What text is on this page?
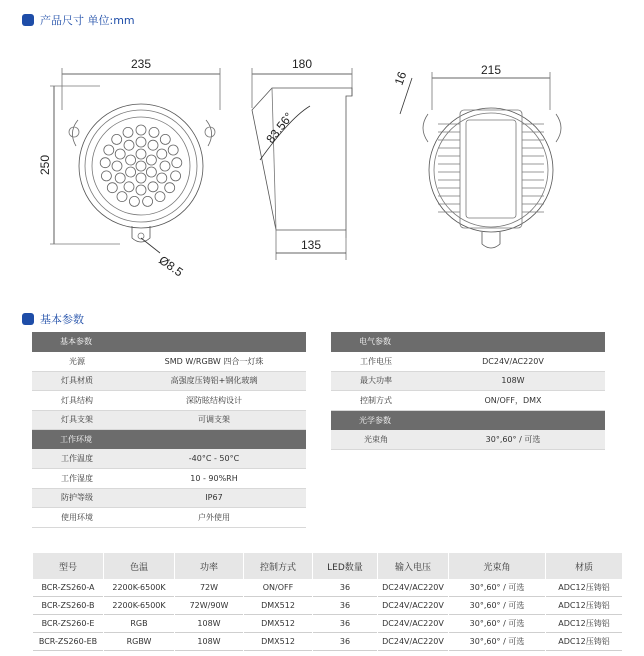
产品尺寸 单位:mm
235
250
Ø8.5
180
135
83.56°
215
16
基本参数
基本参数	
光源	SMD W/RGBW 四合一灯珠
灯具材质	高强度压铸铝+钢化玻璃
灯具结构	深防眩结构设计
灯具支架	可调支架
工作环境	
工作温度	-40°C - 50°C
工作湿度	10 - 90%RH
防护等级	IP67
使用环境	户外使用
电气参数	
工作电压	DC24V/AC220V
最大功率	108W
控制方式	ON/OFF，DMX
光学参数	
光束角	30°,60° / 可选
型号	色温	功率	控制方式	LED数量	输入电压	光束角	材质
BCR-ZS260-A	2200K-6500K	72W	ON/OFF	36	DC24V/AC220V	30°,60° / 可选	ADC12压铸铝
BCR-ZS260-B	2200K-6500K	72W/90W	DMX512	36	DC24V/AC220V	30°,60° / 可选	ADC12压铸铝
BCR-ZS260-E	RGB	108W	DMX512	36	DC24V/AC220V	30°,60° / 可选	ADC12压铸铝
BCR-ZS260-EB	RGBW	108W	DMX512	36	DC24V/AC220V	30°,60° / 可选	ADC12压铸铝
